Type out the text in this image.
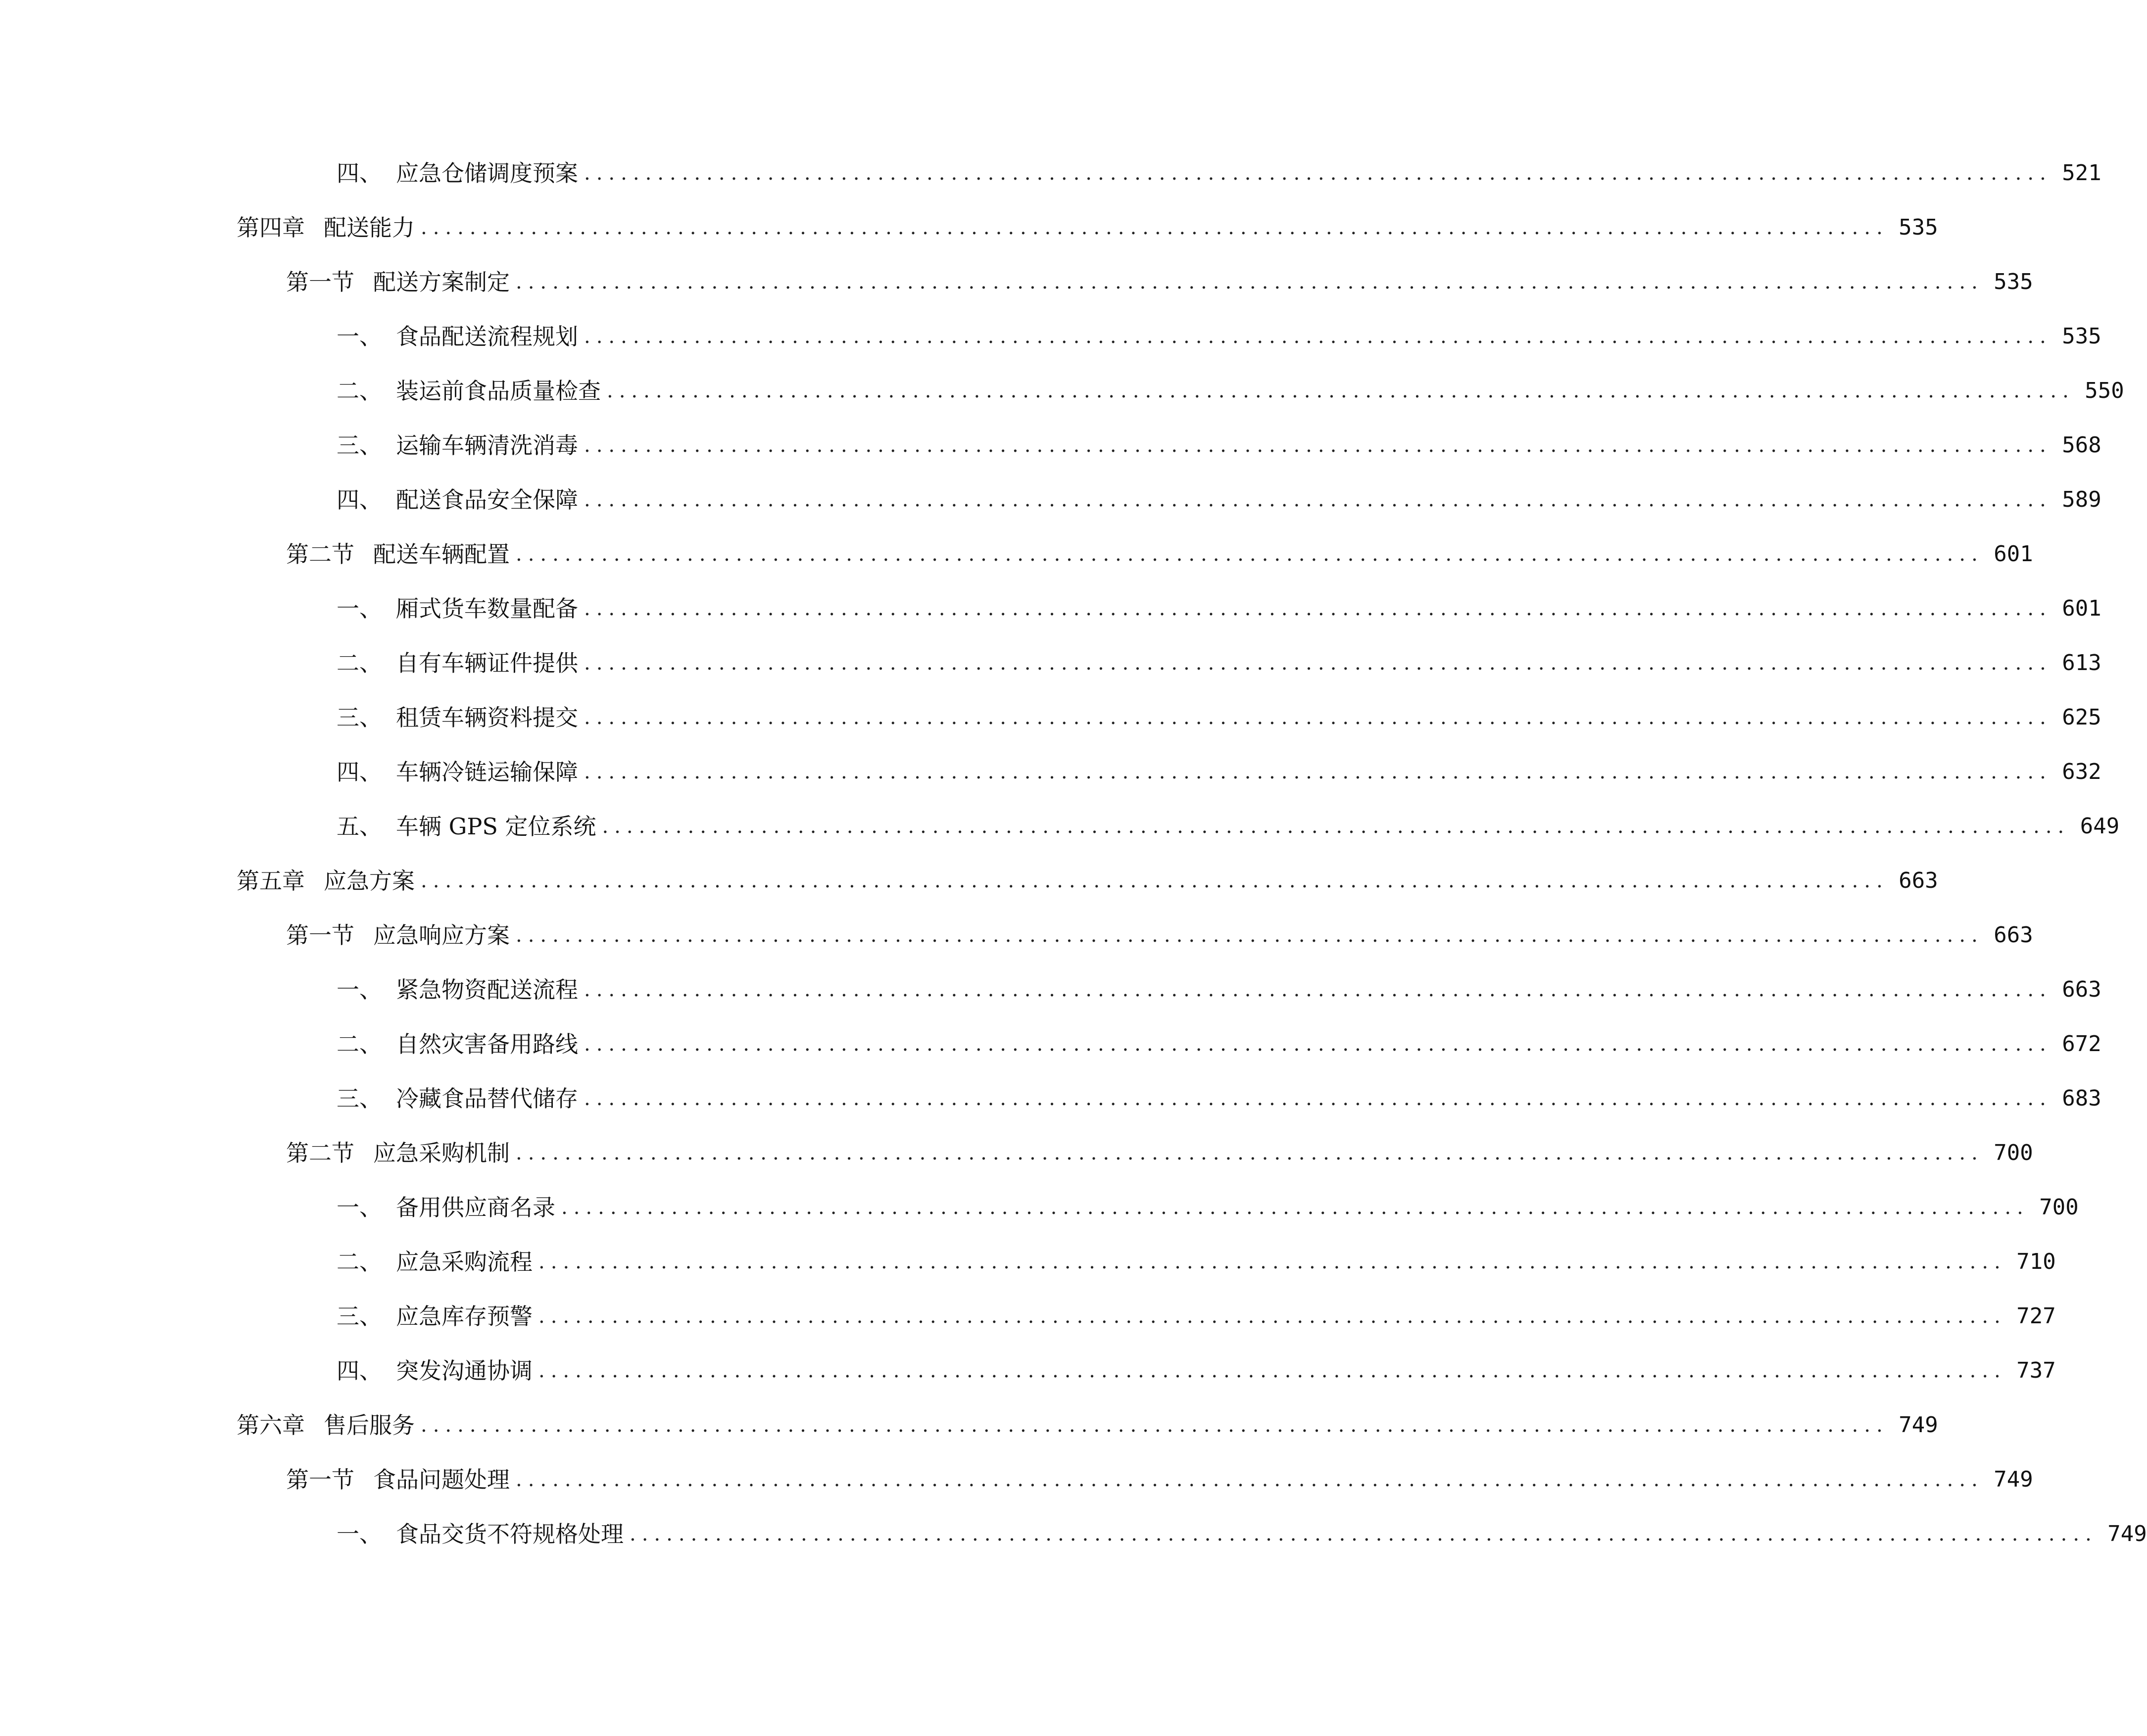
四、 应急仓储调度预案 ........................................................................................................................ 521
第四章 配送能力 ........................................................................................................................ 535
第一节 配送方案制定 ........................................................................................................................ 535
一、 食品配送流程规划 ........................................................................................................................ 535
二、 装运前食品质量检查 ........................................................................................................................ 550
三、 运输车辆清洗消毒 ........................................................................................................................ 568
四、 配送食品安全保障 ........................................................................................................................ 589
第二节 配送车辆配置 ........................................................................................................................ 601
一、 厢式货车数量配备 ........................................................................................................................ 601
二、 自有车辆证件提供 ........................................................................................................................ 613
三、 租赁车辆资料提交 ........................................................................................................................ 625
四、 车辆冷链运输保障 ........................................................................................................................ 632
五、 车辆 GPS 定位系统 ........................................................................................................................ 649
第五章 应急方案 ........................................................................................................................ 663
第一节 应急响应方案 ........................................................................................................................ 663
一、 紧急物资配送流程 ........................................................................................................................ 663
二、 自然灾害备用路线 ........................................................................................................................ 672
三、 冷藏食品替代储存 ........................................................................................................................ 683
第二节 应急采购机制 ........................................................................................................................ 700
一、 备用供应商名录 ........................................................................................................................ 700
二、 应急采购流程 ........................................................................................................................ 710
三、 应急库存预警 ........................................................................................................................ 727
四、 突发沟通协调 ........................................................................................................................ 737
第六章 售后服务 ........................................................................................................................ 749
第一节 食品问题处理 ........................................................................................................................ 749
一、 食品交货不符规格处理 ........................................................................................................................ 749
